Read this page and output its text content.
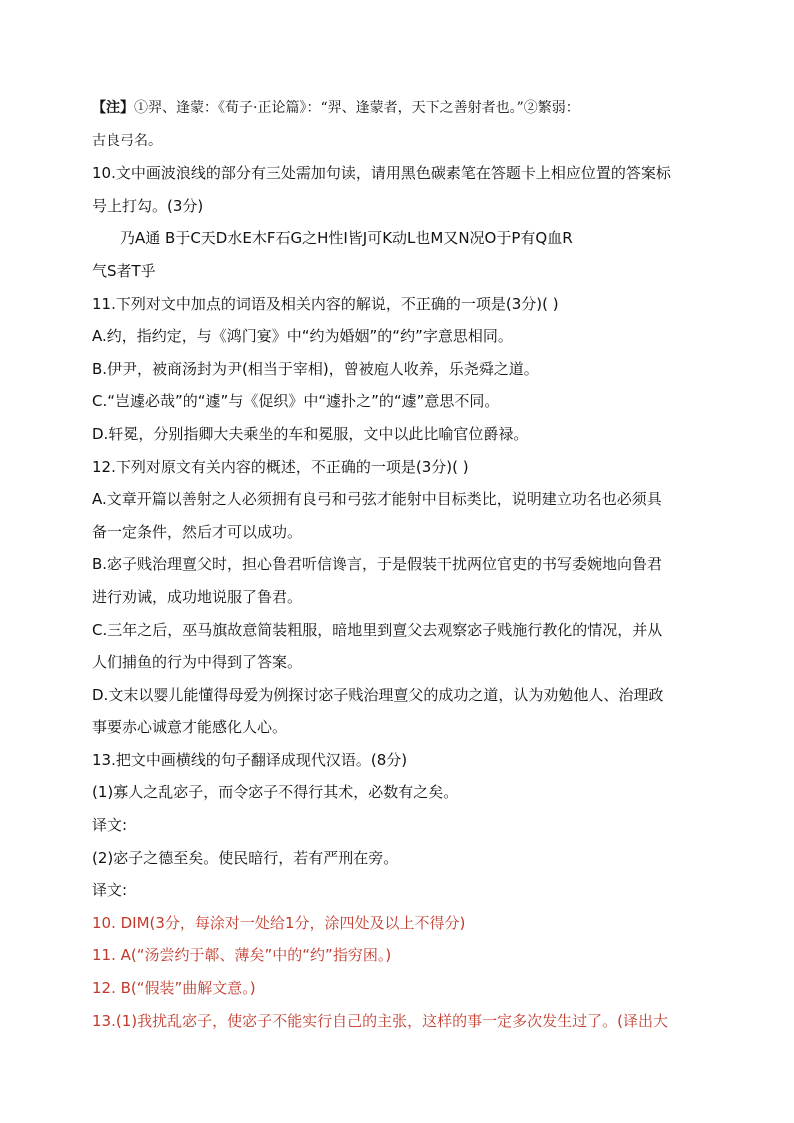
【注】①羿、逢蒙：《荀子·正论篇》：“羿、逢蒙者，天下之善射者也。”②繁弱：
古良弓名。
10.文中画波浪线的部分有三处需加句读，请用黑色碳素笔在答题卡上相应位置的答案标
号上打勾。(3分)
乃A通 B于C天D水E木F石G之H性I皆J可K动L也M又N况O于P有Q血R
气S者T乎
11.下列对文中加点的词语及相关内容的解说，不正确的一项是(3分)( )
A.约，指约定，与《鸿门宴》中“约为婚姻”的“约”字意思相同。
B.伊尹，被商汤封为尹(相当于宰相)，曾被庖人收养，乐尧舜之道。
C.“岂遽必哉”的“遽”与《促织》中“遽扑之”的“遽”意思不同。
D.轩冕，分别指卿大夫乘坐的车和冕服，文中以此比喻官位爵禄。
12.下列对原文有关内容的概述，不正确的一项是(3分)( )
A.文章开篇以善射之人必须拥有良弓和弓弦才能射中目标类比，说明建立功名也必须具
备一定条件，然后才可以成功。
B.宓子贱治理亶父时，担心鲁君听信谗言，于是假装干扰两位官吏的书写委婉地向鲁君
进行劝诫，成功地说服了鲁君。
C.三年之后，巫马旗故意简装粗服，暗地里到亶父去观察宓子贱施行教化的情况，并从
人们捕鱼的行为中得到了答案。
D.文末以婴儿能懂得母爱为例探讨宓子贱治理亶父的成功之道，认为劝勉他人、治理政
事要赤心诚意才能感化人心。
13.把文中画横线的句子翻译成现代汉语。(8分)
(1)寡人之乱宓子，而令宓子不得行其术，必数有之矣。
译文:
(2)宓子之德至矣。使民暗行，若有严刑在旁。
译文:
10. DIM(3分，每涂对一处给1分，涂四处及以上不得分)
11. A(“汤尝约于郼、薄矣”中的“约”指穷困。)
12. B(“假装”曲解文意。)
13.(1)我扰乱宓子，使宓子不能实行自己的主张，这样的事一定多次发生过了。(译出大
